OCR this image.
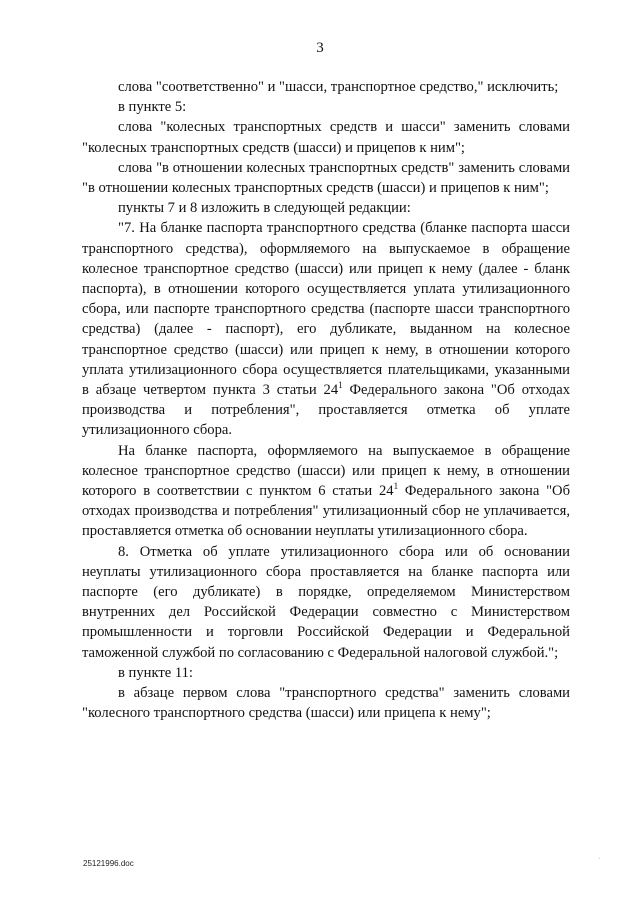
3

слова "соответственно" и "шасси, транспортное средство," исключить;

в пункте 5:

слова "колесных транспортных средств и шасси" заменить словами "колесных транспортных средств (шасси) и прицепов к ним";

слова "в отношении колесных транспортных средств" заменить словами "в отношении колесных транспортных средств (шасси) и прицепов к ним";

пункты 7 и 8 изложить в следующей редакции:

"7. На бланке паспорта транспортного средства (бланке паспорта шасси транспортного средства), оформляемого на выпускаемое в обращение колесное транспортное средство (шасси) или прицеп к нему (далее - бланк паспорта), в отношении которого осуществляется уплата утилизационного сбора, или паспорте транспортного средства (паспорте шасси транспортного средства) (далее - паспорт), его дубликате, выданном на колесное транспортное средство (шасси) или прицеп к нему, в отношении которого уплата утилизационного сбора осуществляется плательщиками, указанными в абзаце четвертом пункта 3 статьи $24^1$ Федерального закона "Об отходах производства и потребления", проставляется отметка об уплате утилизационного сбора.

На бланке паспорта, оформляемого на выпускаемое в обращение колесное транспортное средство (шасси) или прицеп к нему, в отношении которого в соответствии с пунктом 6 статьи $24^1$ Федерального закона "Об отходах производства и потребления" утилизационный сбор не уплачивается, проставляется отметка об основании неуплаты утилизационного сбора.

8. Отметка об уплате утилизационного сбора или об основании неуплаты утилизационного сбора проставляется на бланке паспорта или паспорте (его дубликате) в порядке, определяемом Министерством внутренних дел Российской Федерации совместно с Министерством промышленности и торговли Российской Федерации и Федеральной таможенной службой по согласованию с Федеральной налоговой службой.";

в пункте 11:

в абзаце первом слова "транспортного средства" заменить словами "колесного транспортного средства (шасси) или прицепа к нему";

25121996.doc
·
